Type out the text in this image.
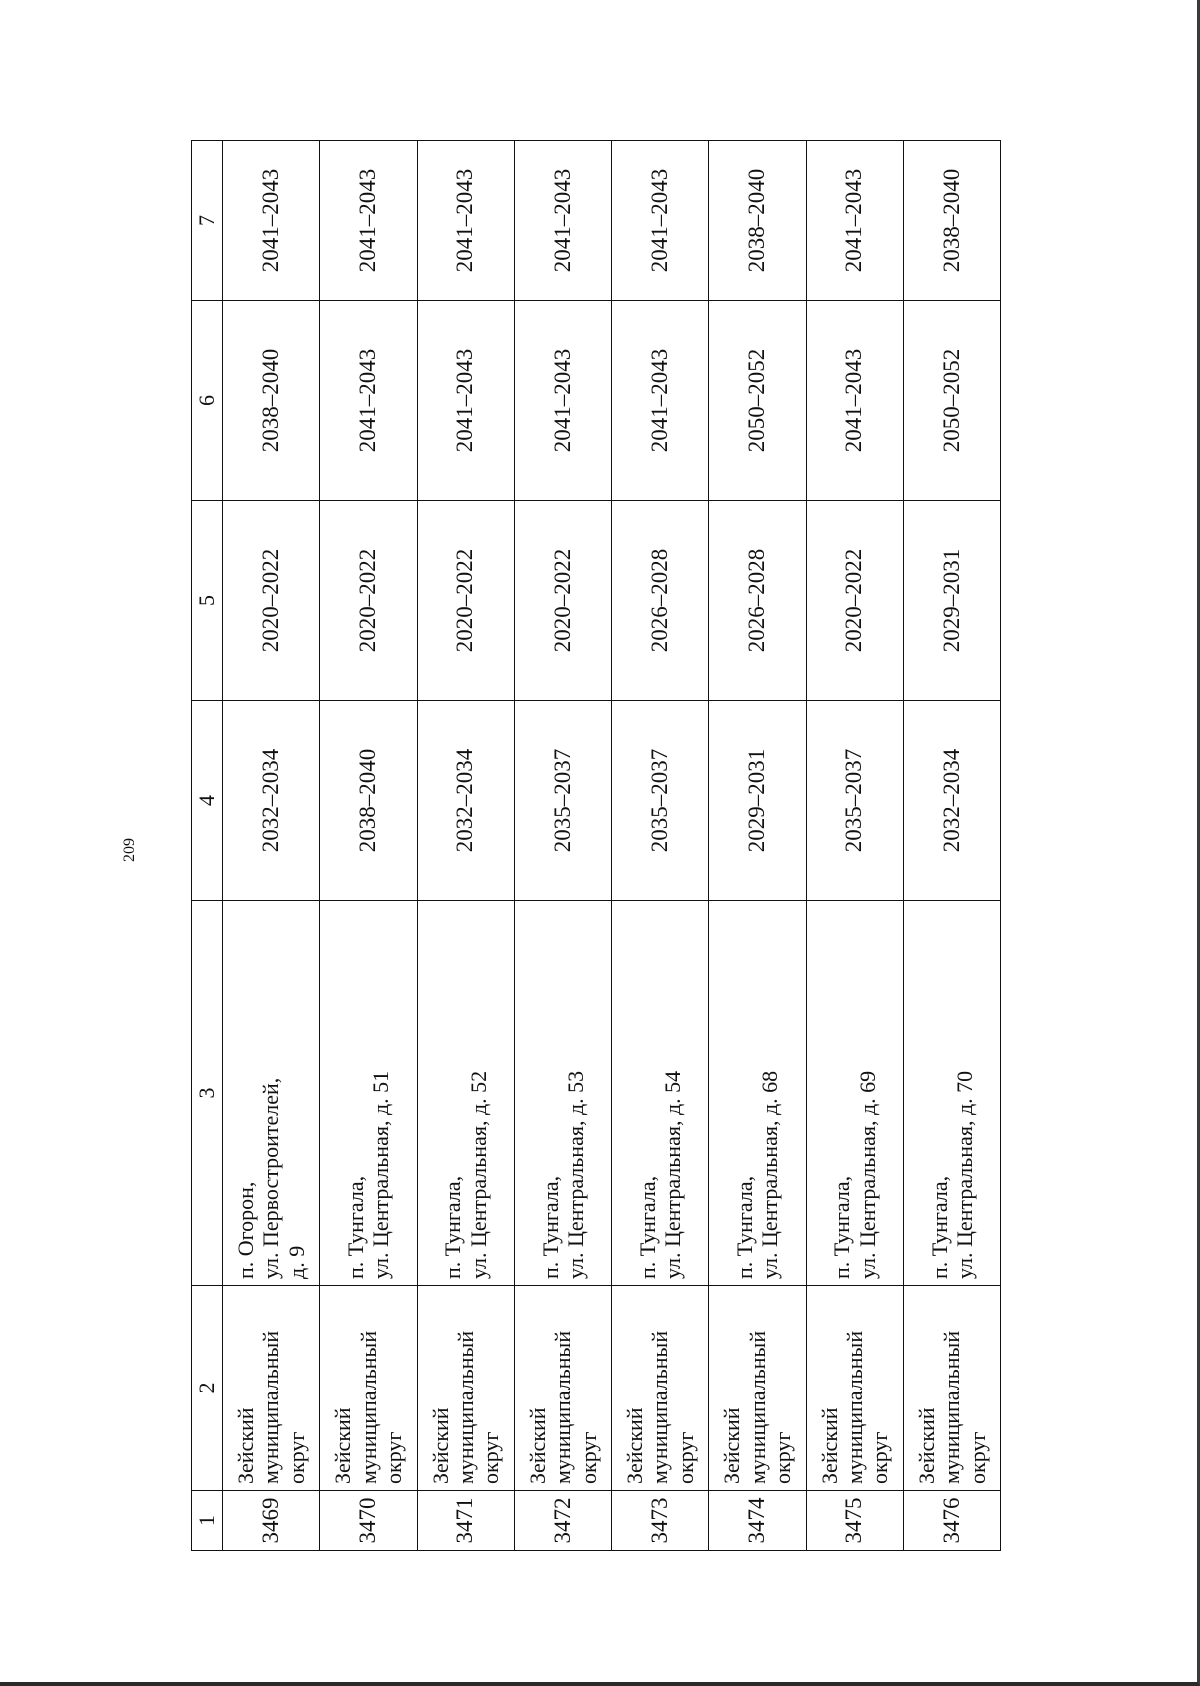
209
1	2	3	4	5	6	7
3469	Зейский муниципальный округ	п. Огорон, ул. Первостроителей, д. 9	2032–2034	2020–2022	2038–2040	2041–2043
3470	Зейский муниципальный округ	п. Тунгала, ул. Центральная, д. 51	2038–2040	2020–2022	2041–2043	2041–2043
3471	Зейский муниципальный округ	п. Тунгала, ул. Центральная, д. 52	2032–2034	2020–2022	2041–2043	2041–2043
3472	Зейский муниципальный округ	п. Тунгала, ул. Центральная, д. 53	2035–2037	2020–2022	2041–2043	2041–2043
3473	Зейский муниципальный округ	п. Тунгала, ул. Центральная, д. 54	2035–2037	2026–2028	2041–2043	2041–2043
3474	Зейский муниципальный округ	п. Тунгала, ул. Центральная, д. 68	2029–2031	2026–2028	2050–2052	2038–2040
3475	Зейский муниципальный округ	п. Тунгала, ул. Центральная, д. 69	2035–2037	2020–2022	2041–2043	2041–2043
3476	Зейский муниципальный округ	п. Тунгала, ул. Центральная, д. 70	2032–2034	2029–2031	2050–2052	2038–2040
